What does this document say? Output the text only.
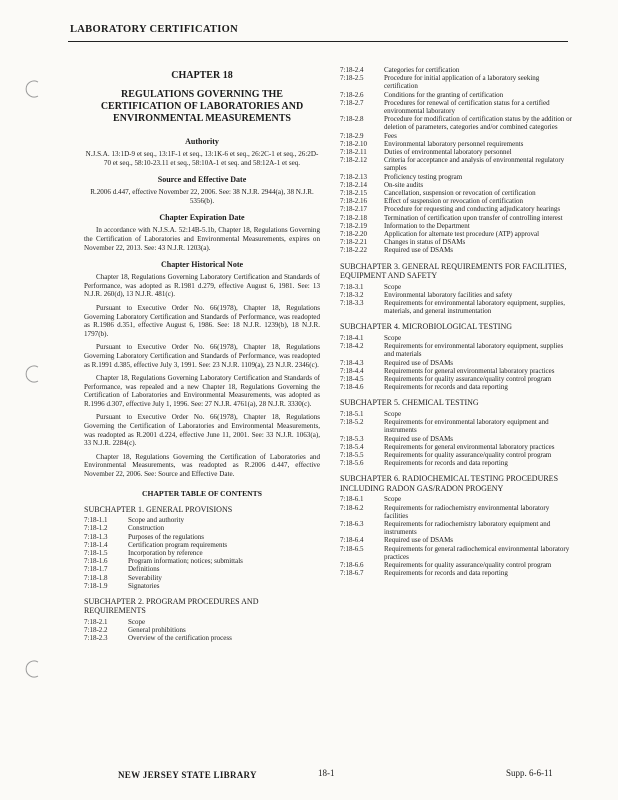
LABORATORY CERTIFICATION
CHAPTER 18
REGULATIONS GOVERNING THE CERTIFICATION OF LABORATORIES AND ENVIRONMENTAL MEASUREMENTS
Authority

N.J.S.A. 13:1D-9 et seq., 13:1F-1 et seq., 13:1K-6 et seq., 26:2C-1 et seq., 26:2D-70 et seq., 58:10-23.11 et seq., 58:10A-1 et seq. and 58:12A-1 et seq.

Source and Effective Date

R.2006 d.447, effective November 22, 2006. See: 38 N.J.R. 2944(a), 38 N.J.R. 5356(b).

Chapter Expiration Date

In accordance with N.J.S.A. 52:14B-5.1b, Chapter 18, Regulations Governing the Certification of Laboratories and Environmental Measurements, expires on November 22, 2013. See: 43 N.J.R. 1203(a).

Chapter Historical Note

Chapter 18, Regulations Governing Laboratory Certification and Standards of Performance, was adopted as R.1981 d.279, effective August 6, 1981. See: 13 N.J.R. 260(d), 13 N.J.R. 481(c).

Pursuant to Executive Order No. 66(1978), Chapter 18, Regulations Governing Laboratory Certification and Standards of Performance, was readopted as R.1986 d.351, effective August 6, 1986. See: 18 N.J.R. 1239(b), 18 N.J.R. 1797(b).

Pursuant to Executive Order No. 66(1978), Chapter 18, Regulations Governing Laboratory Certification and Standards of Performance, was readopted as R.1991 d.385, effective July 3, 1991. See: 23 N.J.R. 1109(a), 23 N.J.R. 2346(c).

Chapter 18, Regulations Governing Laboratory Certification and Standards of Performance, was repealed and a new Chapter 18, Regulations Governing the Certification of Laboratories and Environmental Measurements, was adopted as R.1996 d.307, effective July 1, 1996. See: 27 N.J.R. 4761(a), 28 N.J.R. 3330(c).

Pursuant to Executive Order No. 66(1978), Chapter 18, Regulations Governing the Certification of Laboratories and Environmental Measurements, was readopted as R.2001 d.224, effective June 11, 2001. See: 33 N.J.R. 1063(a), 33 N.J.R. 2284(c).

Chapter 18, Regulations Governing the Certification of Laboratories and Environmental Measurements, was readopted as R.2006 d.447, effective November 22, 2006. See: Source and Effective Date.

CHAPTER TABLE OF CONTENTS
SUBCHAPTER 1. GENERAL PROVISIONS
7:18-1.1	Scope and authority
7:18-1.2	Construction
7:18-1.3	Purposes of the regulations
7:18-1.4	Certification program requirements
7:18-1.5	Incorporation by reference
7:18-1.6	Program information; notices; submittals
7:18-1.7	Definitions
7:18-1.8	Severability
7:18-1.9	Signatories
SUBCHAPTER 2. PROGRAM PROCEDURES AND REQUIREMENTS
7:18-2.1	Scope
7:18-2.2	General prohibitions
7:18-2.3	Overview of the certification process
7:18-2.4	Categories for certification
7:18-2.5	Procedure for initial application of a laboratory seeking certification
7:18-2.6	Conditions for the granting of certification
7:18-2.7	Procedures for renewal of certification status for a certified environmental laboratory
7:18-2.8	Procedure for modification of certification status by the addition or deletion of parameters, categories and/or combined categories
7:18-2.9	Fees
7:18-2.10	Environmental laboratory personnel requirements
7:18-2.11	Duties of environmental laboratory personnel
7:18-2.12	Criteria for acceptance and analysis of environmental regulatory samples
7:18-2.13	Proficiency testing program
7:18-2.14	On-site audits
7:18-2.15	Cancellation, suspension or revocation of certification
7:18-2.16	Effect of suspension or revocation of certification
7:18-2.17	Procedure for requesting and conducting adjudicatory hearings
7:18-2.18	Termination of certification upon transfer of controlling interest
7:18-2.19	Information to the Department
7:18-2.20	Application for alternate test procedure (ATP) approval
7:18-2.21	Changes in status of DSAMs
7:18-2.22	Required use of DSAMs
SUBCHAPTER 3. GENERAL REQUIREMENTS FOR FACILITIES, EQUIPMENT AND SAFETY
7:18-3.1	Scope
7:18-3.2	Environmental laboratory facilities and safety
7:18-3.3	Requirements for environmental laboratory equipment, supplies, materials, and general instrumentation
SUBCHAPTER 4. MICROBIOLOGICAL TESTING
7:18-4.1	Scope
7:18-4.2	Requirements for environmental laboratory equipment, supplies and materials
7:18-4.3	Required use of DSAMs
7:18-4.4	Requirements for general environmental laboratory practices
7:18-4.5	Requirements for quality assurance/quality control program
7:18-4.6	Requirements for records and data reporting
SUBCHAPTER 5. CHEMICAL TESTING
7:18-5.1	Scope
7:18-5.2	Requirements for environmental laboratory equipment and instruments
7:18-5.3	Required use of DSAMs
7:18-5.4	Requirements for general environmental laboratory practices
7:18-5.5	Requirements for quality assurance/quality control program
7:18-5.6	Requirements for records and data reporting
SUBCHAPTER 6. RADIOCHEMICAL TESTING PROCEDURES INCLUDING RADON GAS/RADON PROGENY
7:18-6.1	Scope
7:18-6.2	Requirements for radiochemistry environmental laboratory facilities
7:18-6.3	Requirements for radiochemistry laboratory equipment and instruments
7:18-6.4	Required use of DSAMs
7:18-6.5	Requirements for general radiochemical environmental laboratory practices
7:18-6.6	Requirements for quality assurance/quality control program
7:18-6.7	Requirements for records and data reporting
NEW JERSEY STATE LIBRARY	18-1	Supp. 6-6-11
